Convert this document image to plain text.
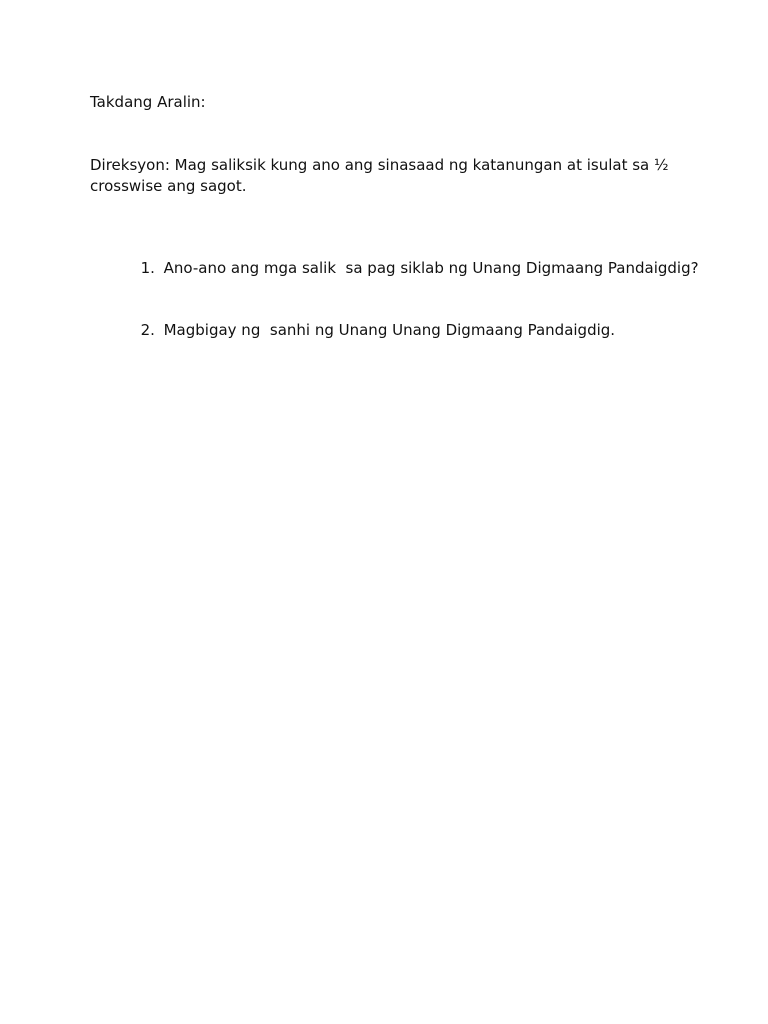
Takdang Aralin:

Direksyon: Mag saliksik kung ano ang sinasaad ng katanungan at isulat sa ½
crosswise ang sagot.

1. Ano-ano ang mga salik  sa pag siklab ng Unang Digmaang Pandaigdig?

2. Magbigay ng  sanhi ng Unang Unang Digmaang Pandaigdig.
